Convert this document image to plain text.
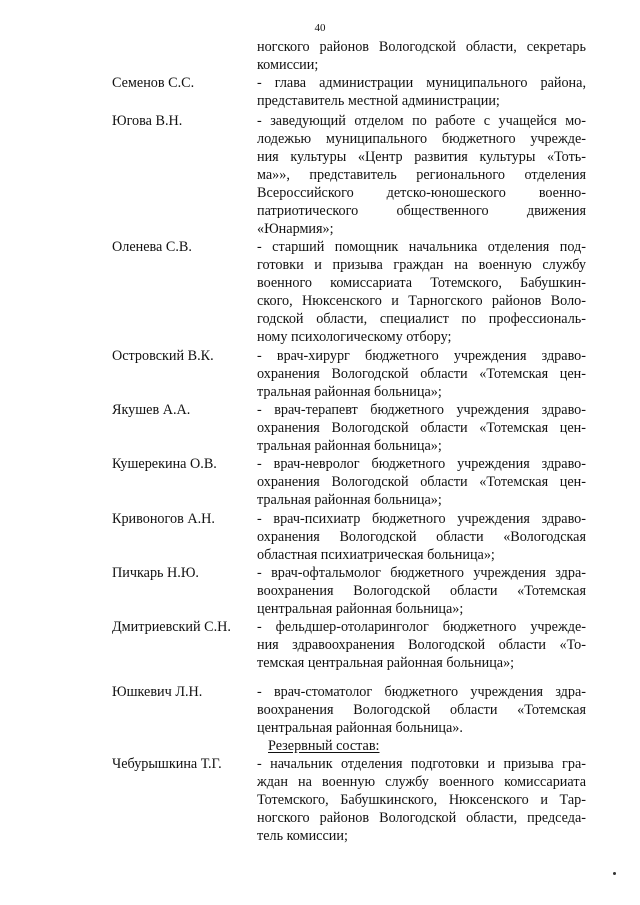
40
ногского районов Вологодской области, секретарь
комиссии;
Семенов С.С.	- глава администрации муниципального района,
представитель местной администрации;
Югова В.Н.	- заведующий отделом по работе с учащейся мо-
лодежью муниципального бюджетного учрежде-
ния культуры «Центр развития культуры «Тоть-
ма»», представитель регионального отделения
Всероссийского детско-юношеского военно-
патриотического общественного движения
«Юнармия»;
Оленева С.В.	- старший помощник начальника отделения под-
готовки и призыва граждан на военную службу
военного комиссариата Тотемского, Бабушкин-
ского, Нюксенского и Тарногского районов Воло-
годской области, специалист по профессиональ-
ному психологическому отбору;
Островский В.К.	- врач-хирург бюджетного учреждения здраво-
охранения Вологодской области «Тотемская цен-
тральная районная больница»;
Якушев А.А.	- врач-терапевт бюджетного учреждения здраво-
охранения Вологодской области «Тотемская цен-
тральная районная больница»;
Кушерекина О.В.	- врач-невролог бюджетного учреждения здраво-
охранения Вологодской области «Тотемская цен-
тральная районная больница»;
Кривоногов А.Н.	- врач-психиатр бюджетного учреждения здраво-
охранения Вологодской области «Вологодская
областная психиатрическая больница»;
Пичкарь Н.Ю.	- врач-офтальмолог бюджетного учреждения здра-
воохранения Вологодской области «Тотемская
центральная районная больница»;
Дмитриевский С.Н. - фельдшер-отоларинголог бюджетного учрежде-
ния здравоохранения Вологодской области «То-
темская центральная районная больница»;
Юшкевич Л.Н.	- врач-стоматолог бюджетного учреждения здра-
воохранения Вологодской области «Тотемская
центральная районная больница».
Чебурышкина Т.Г. - начальник отделения подготовки и призыва гра-
ждан на военную службу военного комиссариата
Тотемского, Бабушкинского, Нюксенского и Тар-
ногского районов Вологодской области, председа-
тель комиссии;
Резервный состав:
